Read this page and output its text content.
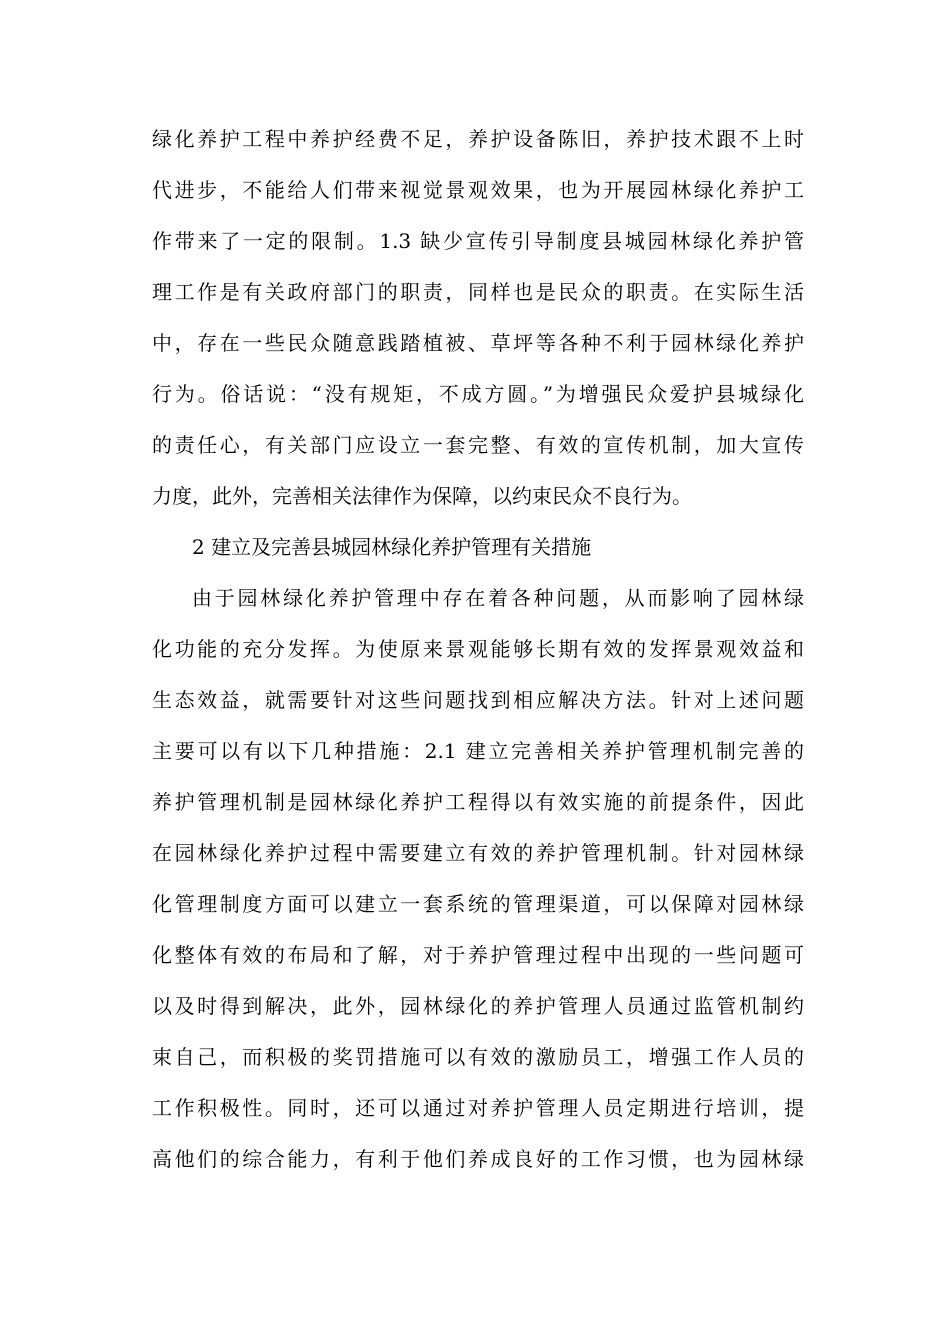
绿化养护工程中养护经费不足，养护设备陈旧，养护技术跟不上时
代进步，不能给人们带来视觉景观效果，也为开展园林绿化养护工
作带来了一定的限制。1.3 缺少宣传引导制度县城园林绿化养护管
理工作是有关政府部门的职责，同样也是民众的职责。在实际生活
中，存在一些民众随意践踏植被、草坪等各种不利于园林绿化养护
行为。俗话说：“没有规矩，不成方圆。”为增强民众爱护县城绿化
的责任心，有关部门应设立一套完整、有效的宣传机制，加大宣传
力度，此外，完善相关法律作为保障，以约束民众不良行为。
2 建立及完善县城园林绿化养护管理有关措施
由于园林绿化养护管理中存在着各种问题，从而影响了园林绿
化功能的充分发挥。为使原来景观能够长期有效的发挥景观效益和
生态效益，就需要针对这些问题找到相应解决方法。针对上述问题
主要可以有以下几种措施：2.1 建立完善相关养护管理机制完善的
养护管理机制是园林绿化养护工程得以有效实施的前提条件，因此
在园林绿化养护过程中需要建立有效的养护管理机制。针对园林绿
化管理制度方面可以建立一套系统的管理渠道，可以保障对园林绿
化整体有效的布局和了解，对于养护管理过程中出现的一些问题可
以及时得到解决，此外，园林绿化的养护管理人员通过监管机制约
束自己，而积极的奖罚措施可以有效的激励员工，增强工作人员的
工作积极性。同时，还可以通过对养护管理人员定期进行培训，提
高他们的综合能力，有利于他们养成良好的工作习惯，也为园林绿
